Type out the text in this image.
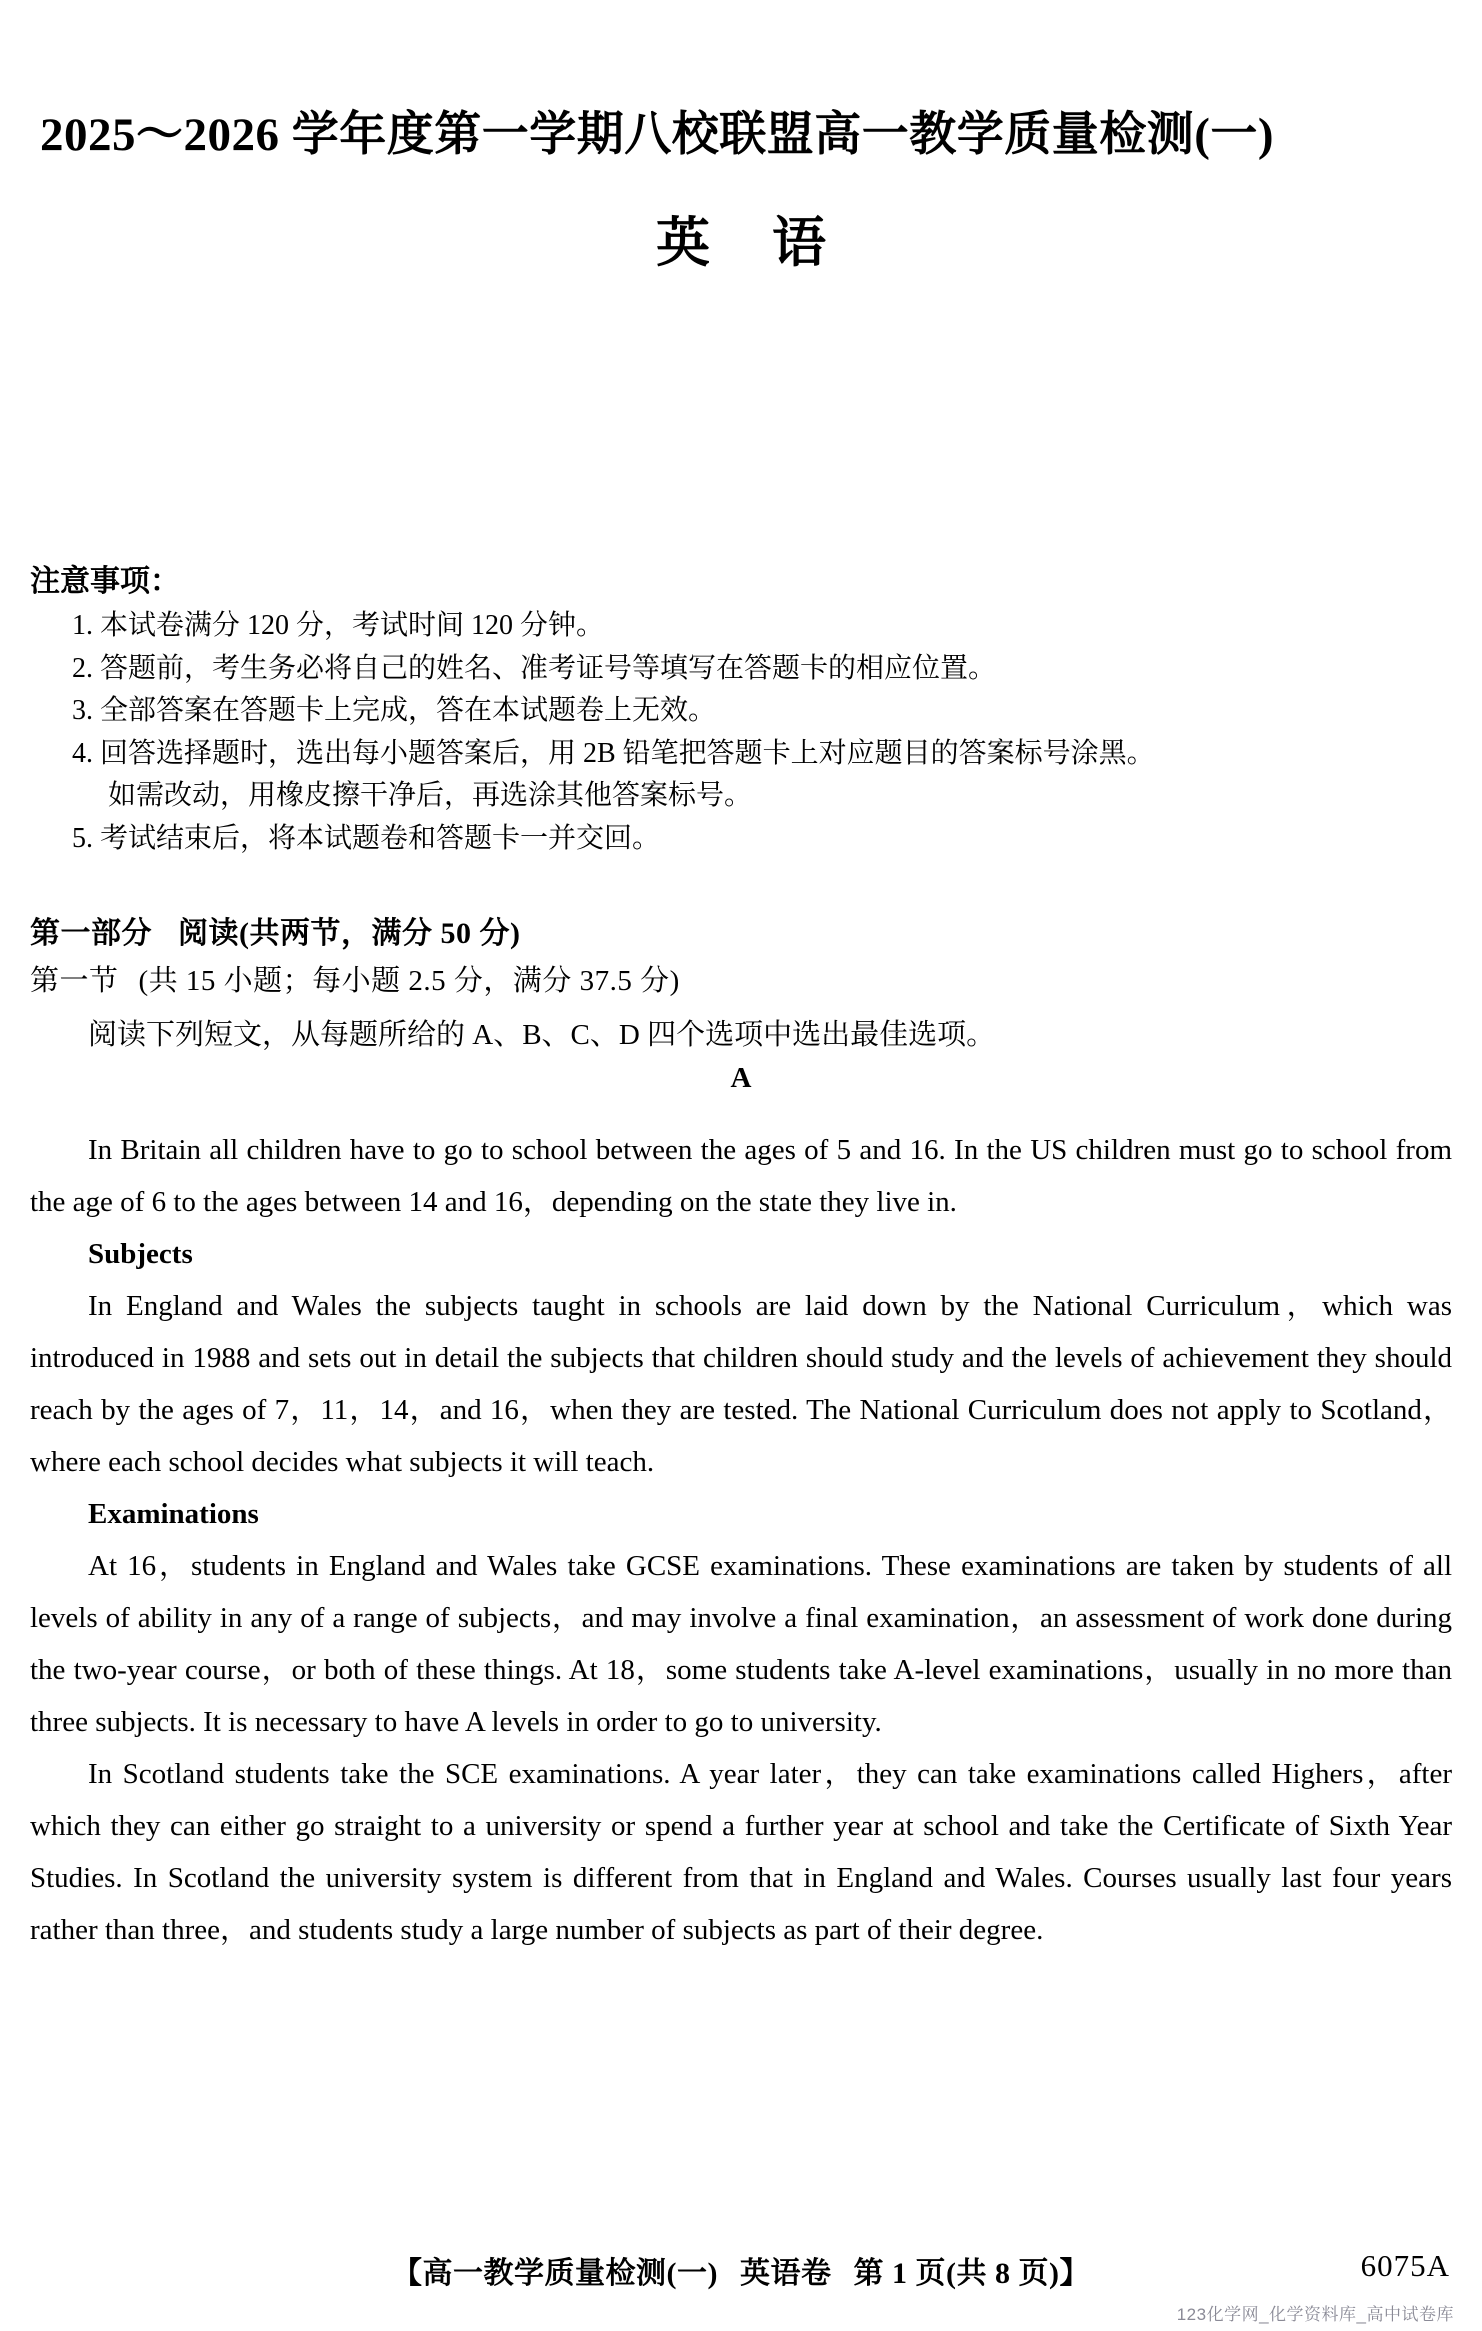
2025～2026 学年度第一学期八校联盟高一教学质量检测(一)
英语
注意事项：
1. 本试卷满分 120 分，考试时间 120 分钟。
2. 答题前，考生务必将自己的姓名、准考证号等填写在答题卡的相应位置。
3. 全部答案在答题卡上完成，答在本试题卷上无效。
4. 回答选择题时，选出每小题答案后，用 2B 铅笔把答题卡上对应题目的答案标号涂黑。
如需改动，用橡皮擦干净后，再选涂其他答案标号。
5. 考试结束后，将本试题卷和答题卡一并交回。
第一部分 阅读(共两节，满分 50 分)
第一节 (共 15 小题；每小题 2.5 分，满分 37.5 分)
阅读下列短文，从每题所给的 A、B、C、D 四个选项中选出最佳选项。
A

In Britain all children have to go to school between the ages of 5 and 16. In the US children must go to school from the age of 6 to the ages between 14 and 16，depending on the state they live in.

Subjects

In England and Wales the subjects taught in schools are laid down by the National Curriculum，which was introduced in 1988 and sets out in detail the subjects that children should study and the levels of achievement they should reach by the ages of 7，11，14，and 16，when they are tested. The National Curriculum does not apply to Scotland，where each school decides what subjects it will teach.

Examinations

At 16，students in England and Wales take GCSE examinations. These examinations are taken by students of all levels of ability in any of a range of subjects，and may involve a final examination，an assessment of work done during the two-year course，or both of these things. At 18，some students take A-level examinations，usually in no more than three subjects. It is necessary to have A levels in order to go to university.

In Scotland students take the SCE examinations. A year later，they can take examinations called Highers，after which they can either go straight to a university or spend a further year at school and take the Certificate of Sixth Year Studies. In Scotland the university system is different from that in England and Wales. Courses usually last four years rather than three，and students study a large number of subjects as part of their degree.

【高一教学质量检测(一) 英语卷 第 1 页(共 8 页)】	6075A
123化学网_化学资料库_高中试卷库
